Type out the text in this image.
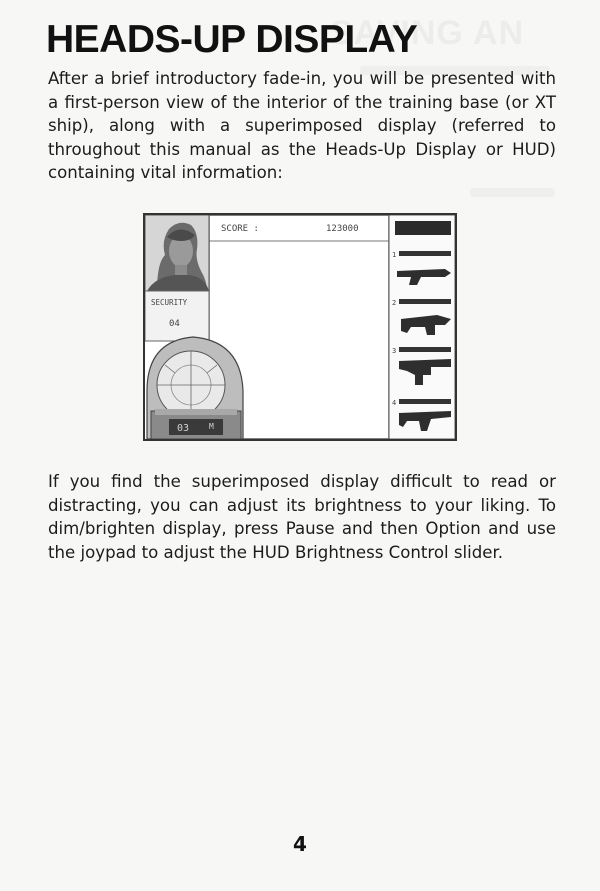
HEADS-UP DISPLAY

After a brief introductory fade-in, you will be presented with a first-person view of the interior of the training base (or XT ship), along with a superimposed display (referred to throughout this manual as the Heads-Up Display or HUD) containing vital information:

SCORE :	123000
SECURITY
04
03 M
1
2
3
4

If you find the superimposed display difficult to read or distracting, you can adjust its brightness to your liking. To dim/brighten display, press Pause and then Option and use the joypad to adjust the HUD Brightness Control slider.

4
